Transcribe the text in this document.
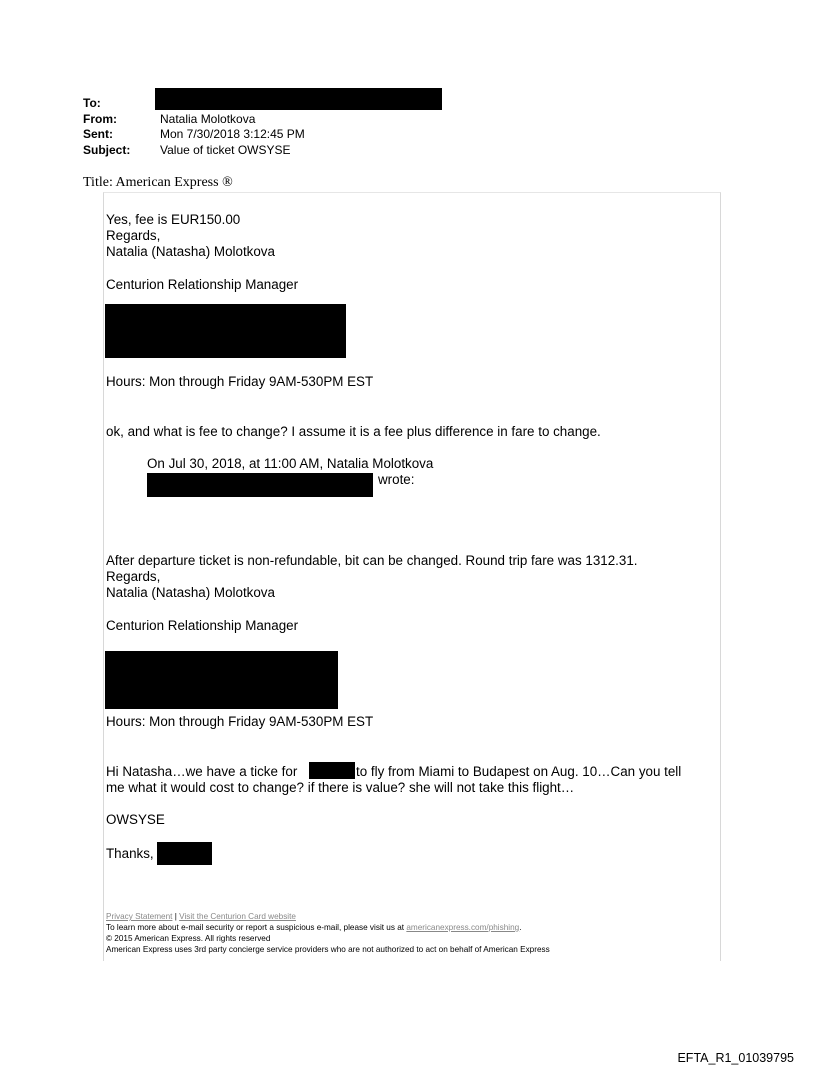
To:
From:	Natalia Molotkova
Sent:	Mon 7/30/2018 3:12:45 PM
Subject: Value of ticket OWSYSE
Title: American Express ®
Yes, fee is EUR150.00
Regards,
Natalia (Natasha) Molotkova
Centurion Relationship Manager
Hours: Mon through Friday 9AM-530PM EST
ok, and what is fee to change? I assume it is a fee plus difference in fare to change.
On Jul 30, 2018, at 11:00 AM, Natalia Molotkova
wrote:
After departure ticket is non-refundable, bit can be changed. Round trip fare was 1312.31.
Regards,
Natalia (Natasha) Molotkova
Centurion Relationship Manager
Hours: Mon through Friday 9AM-530PM EST
Hi Natasha…we have a ticke for	to fly from Miami to Budapest on Aug. 10…Can you tell
me what it would cost to change? if there is value? she will not take this flight…
OWSYSE
Thanks,
Privacy Statement | Visit the Centurion Card website
To learn more about e-mail security or report a suspicious e-mail, please visit us at americanexpress.com/phishing.
© 2015 American Express. All rights reserved
American Express uses 3rd party concierge service providers who are not authorized to act on behalf of American Express
EFTA_R1_01039795
